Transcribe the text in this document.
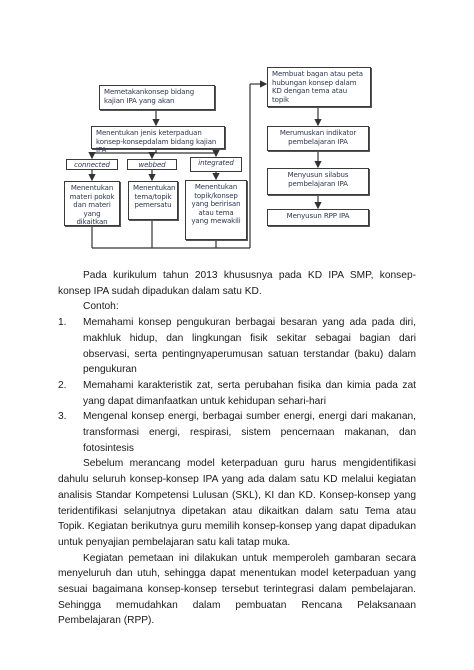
Memetakankonsep bidang kajian IPA yang akan
Menentukan jenis keterpaduan konsep-konsepdalam bidang kajian IPA
connected	webbed	integrated
Menentukan materi pokok dan materi yang dikaitkan
Menentukan tema/topik pemersatu
Menentukan topik/konsep yang beririsan atau tema yang mewakili
Membuat bagan atau peta hubungan konsep dalam KD dengan tema atau topik
Merumuskan indikator pembelajaran IPA
Menyusun silabus pembelajaran IPA
Menyusun RPP IPA

Pada kurikulum tahun 2013 khususnya pada KD IPA SMP, konsep-konsep IPA sudah dipadukan dalam satu KD.

Contoh:

1.	Memahami konsep pengukuran berbagai besaran yang ada pada diri, makhluk hidup, dan lingkungan fisik sekitar sebagai bagian dari observasi, serta pentingnyaperumusan satuan terstandar (baku) dalam pengukuran
2.	Memahami karakteristik zat, serta perubahan fisika dan kimia pada zat yang dapat dimanfaatkan untuk kehidupan sehari-hari
3.	Mengenal konsep energi, berbagai sumber energi, energi dari makanan, transformasi energi, respirasi, sistem pencernaan makanan, dan fotosintesis

Sebelum merancang model keterpaduan guru harus mengidentifikasi dahulu seluruh konsep-konsep IPA yang ada dalam satu KD melalui kegiatan analisis Standar Kompetensi Lulusan (SKL), KI dan KD. Konsep-konsep yang teridentifikasi selanjutnya dipetakan atau dikaitkan dalam satu Tema atau Topik. Kegiatan berikutnya guru memilih konsep-konsep yang dapat dipadukan untuk penyajian pembelajaran satu kali tatap muka.

Kegiatan pemetaan ini dilakukan untuk memperoleh gambaran secara menyeluruh dan utuh, sehingga dapat menentukan model keterpaduan yang sesuai bagaimana konsep-konsep tersebut terintegrasi dalam pembelajaran. Sehingga memudahkan dalam pembuatan Rencana Pelaksanaan Pembelajaran (RPP).
